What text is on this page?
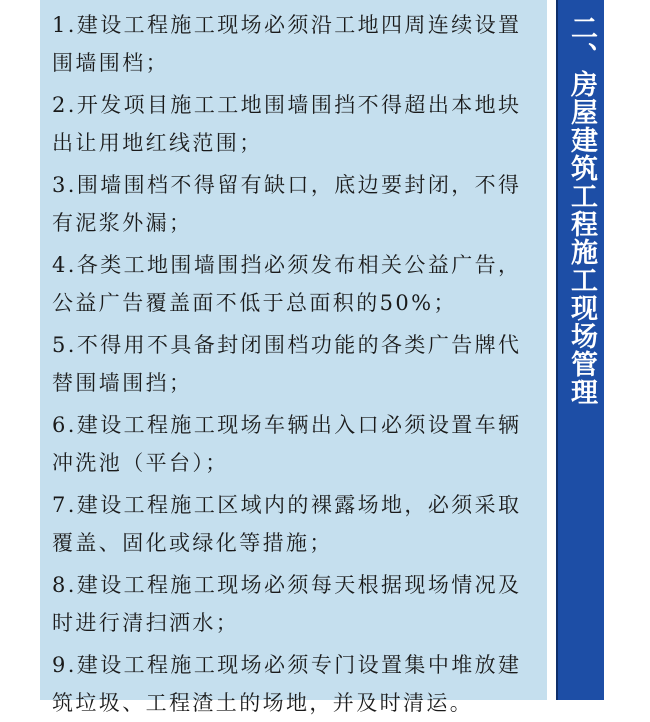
1.建设工程施工现场必须沿工地四周连续设置围墙围档；
2.开发项目施工工地围墙围挡不得超出本地块出让用地红线范围；
3.围墙围档不得留有缺口，底边要封闭，不得有泥浆外漏；
4.各类工地围墙围挡必须发布相关公益广告，公益广告覆盖面不低于总面积的50%；
5.不得用不具备封闭围档功能的各类广告牌代替围墙围挡；
6.建设工程施工现场车辆出入口必须设置车辆冲洗池（平台）；
7.建设工程施工区域内的裸露场地，必须采取覆盖、固化或绿化等措施；
8.建设工程施工现场必须每天根据现场情况及时进行清扫洒水；
9.建设工程施工现场必须专门设置集中堆放建筑垃圾、工程渣土的场地，并及时清运。
二、房屋建筑工程施工现场管理
